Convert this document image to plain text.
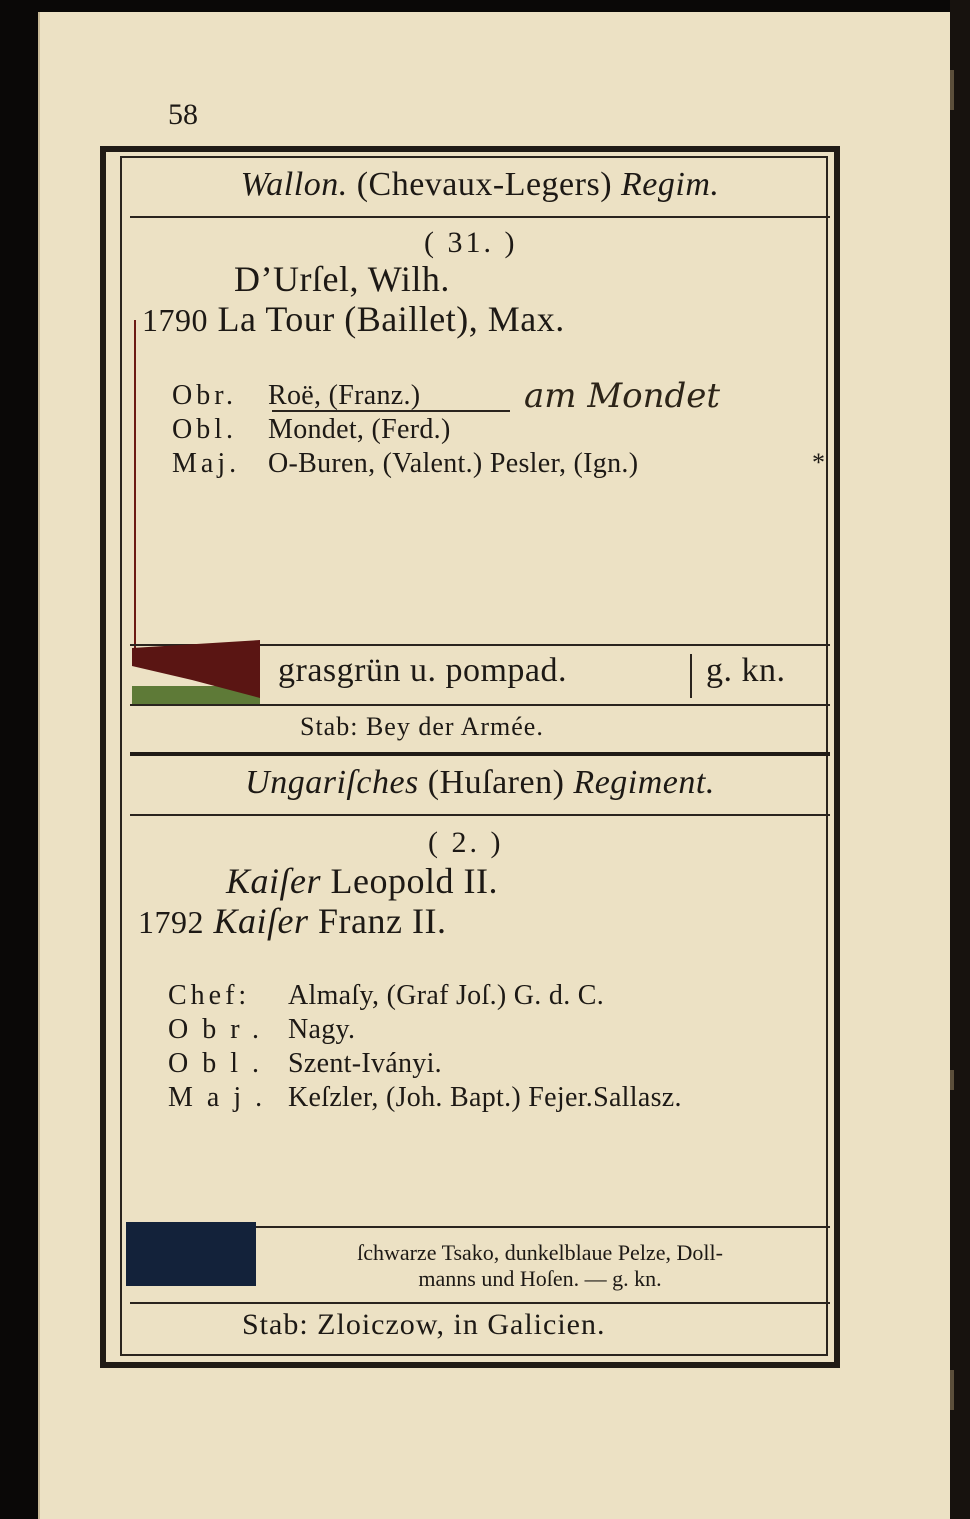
58
Wallon. (Chevaux-Legers) Regim.
( 31. )
D’Urſel, Wilh.
1790 La Tour (Baillet), Max.
Obr. Roë, (Franz.)	am Mondet
Obl. Mondet, (Ferd.)
Maj. O-Buren, (Valent.) Pesler, (Ign.)	*
grasgrün u. pompad.	g. kn.
Stab: Bey der Armée.
Ungariſches (Huſaren) Regiment.
( 2. )
Kaiſer Leopold II.
1792 Kaiſer Franz II.
Chef: Almaſy, (Graf Joſ.) G. d. C.
Obr. Nagy.
Obl. Szent-Iványi.
Maj. Keſzler, (Joh. Bapt.) Fejer.Sallasz.
ſchwarze Tsako, dunkelblaue Pelze, Doll-
manns und Hoſen. — g. kn.
Stab: Zloiczow, in Galicien.
